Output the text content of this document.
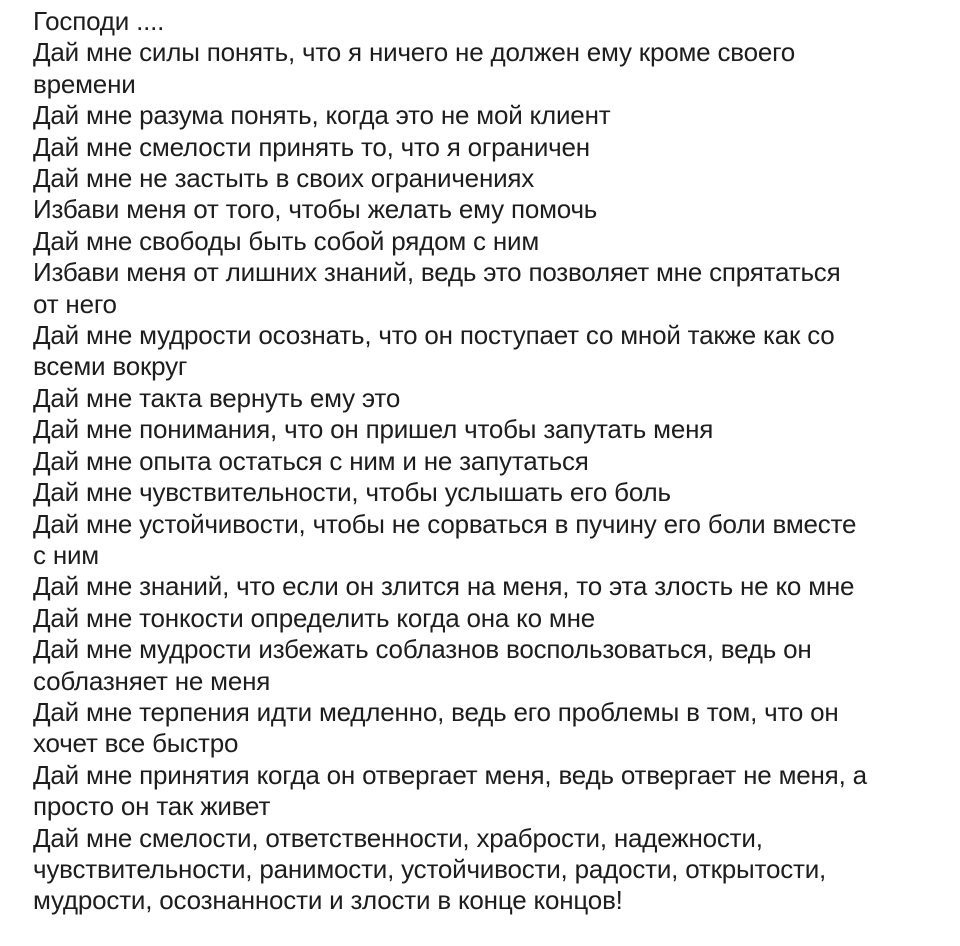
Господи ....
Дай мне силы понять, что я ничего не должен ему кроме своего
времени
Дай мне разума понять, когда это не мой клиент
Дай мне смелости принять то, что я ограничен
Дай мне не застыть в своих ограничениях
Избави меня от того, чтобы желать ему помочь
Дай мне свободы быть собой рядом с ним
Избави меня от лишних знаний, ведь это позволяет мне спрятаться
от него
Дай мне мудрости осознать, что он поступает со мной также как со
всеми вокруг
Дай мне такта вернуть ему это
Дай мне понимания, что он пришел чтобы запутать меня
Дай мне опыта остаться с ним и не запутаться
Дай мне чувствительности, чтобы услышать его боль
Дай мне устойчивости, чтобы не сорваться в пучину его боли вместе
с ним
Дай мне знаний, что если он злится на меня, то эта злость не ко мне
Дай мне тонкости определить когда она ко мне
Дай мне мудрости избежать соблазнов воспользоваться, ведь он
соблазняет не меня
Дай мне терпения идти медленно, ведь его проблемы в том, что он
хочет все быстро
Дай мне принятия когда он отвергает меня, ведь отвергает не меня, а
просто он так живет
Дай мне смелости, ответственности, храбрости, надежности,
чувствительности, ранимости, устойчивости, радости, открытости,
мудрости, осознанности и злости в конце концов!
